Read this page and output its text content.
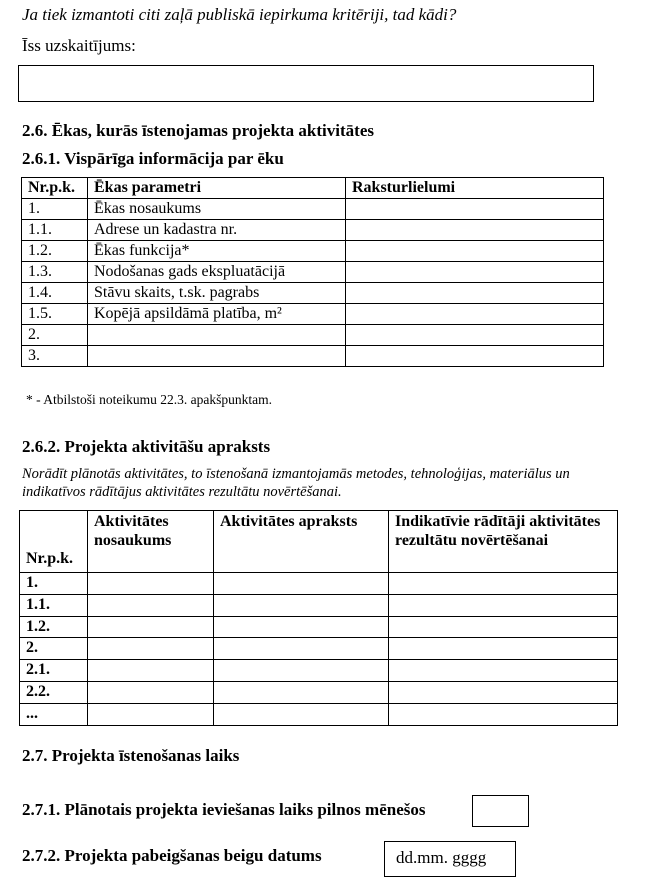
Ja tiek izmantoti citi zaļā publiskā iepirkuma kritēriji, tad kādi?
Īss uzskaitījums:
2.6. Ēkas, kurās īstenojamas projekta aktivitātes
2.6.1. Vispārīga informācija par ēku
Nr.p.k.	Ēkas parametri	Raksturlielumi
1.	Ēkas nosaukums	
1.1.	Adrese un kadastra nr.	
1.2.	Ēkas funkcija*	
1.3.	Nodošanas gads ekspluatācijā	
1.4.	Stāvu skaits, t.sk. pagrabs	
1.5.	Kopējā apsildāmā platība, m²	
2.		
3.		
* - Atbilstoši noteikumu 22.3. apakšpunktam.
2.6.2. Projekta aktivitāšu apraksts
Norādīt plānotās aktivitātes, to īstenošanā izmantojamās metodes, tehnoloģijas, materiālus un
indikatīvos rādītājus aktivitātes rezultātu novērtēšanai.
Nr.p.k.	Aktivitātes nosaukums	Aktivitātes apraksts	Indikatīvie rādītāji aktivitātes rezultātu novērtēšanai
1.			
1.1.			
1.2.			
2.			
2.1.			
2.2.			
...			
2.7. Projekta īstenošanas laiks
2.7.1. Plānotais projekta ieviešanas laiks pilnos mēnešos
2.7.2. Projekta pabeigšanas beigu datums	dd.mm. gggg
